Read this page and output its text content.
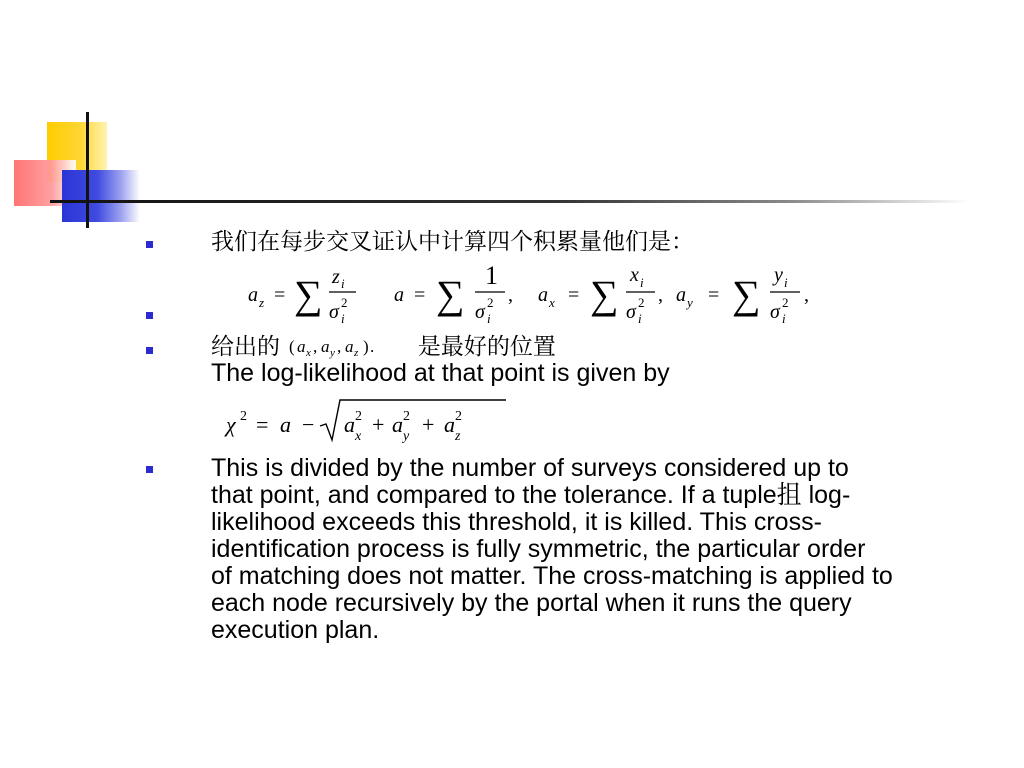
我们在每步交叉证认中计算四个积累量他们是：
a z = ∑ z i
σ 2
i
a = ∑ 1
σ 2
i
, a x = ∑ x i
σ 2
i
, a y = ∑ y i
σ 2
i
,
给出的 ( a x , a y , a z ) . 是最好的位置
The log-likelihood at that point is given by
χ 2 = a − a 2
x + a 2
y + a 2
z
This is divided by the number of surveys considered up to
that point, and compared to the tolerance. If a tuple抯 log-
likelihood exceeds this threshold, it is killed. This cross-
identification process is fully symmetric, the particular order
of matching does not matter. The cross-matching is applied to
each node recursively by the portal when it runs the query
execution plan.
